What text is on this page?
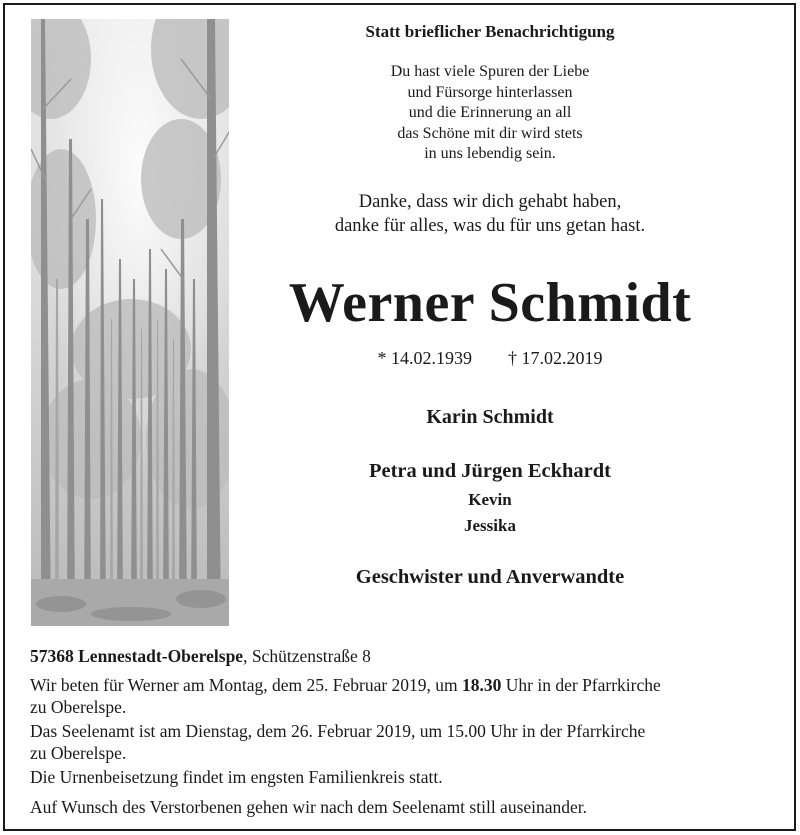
Statt brieflicher Benachrichtigung
Du hast viele Spuren der Liebe
und Fürsorge hinterlassen
und die Erinnerung an all
das Schöne mit dir wird stets
in uns lebendig sein.
Danke, dass wir dich gehabt haben,
danke für alles, was du für uns getan hast.
Werner Schmidt
* 14.02.1939 † 17.02.2019
Karin Schmidt
Petra und Jürgen Eckhardt
Kevin
Jessika
Geschwister und Anverwandte
57368 Lennestadt-Oberelspe, Schützenstraße 8
Wir beten für Werner am Montag, dem 25. Februar 2019, um 18.30 Uhr in der Pfarrkirche
zu Oberelspe.
Das Seelenamt ist am Dienstag, dem 26. Februar 2019, um 15.00 Uhr in der Pfarrkirche
zu Oberelspe.
Die Urnenbeisetzung findet im engsten Familienkreis statt.
Auf Wunsch des Verstorbenen gehen wir nach dem Seelenamt still auseinander.
